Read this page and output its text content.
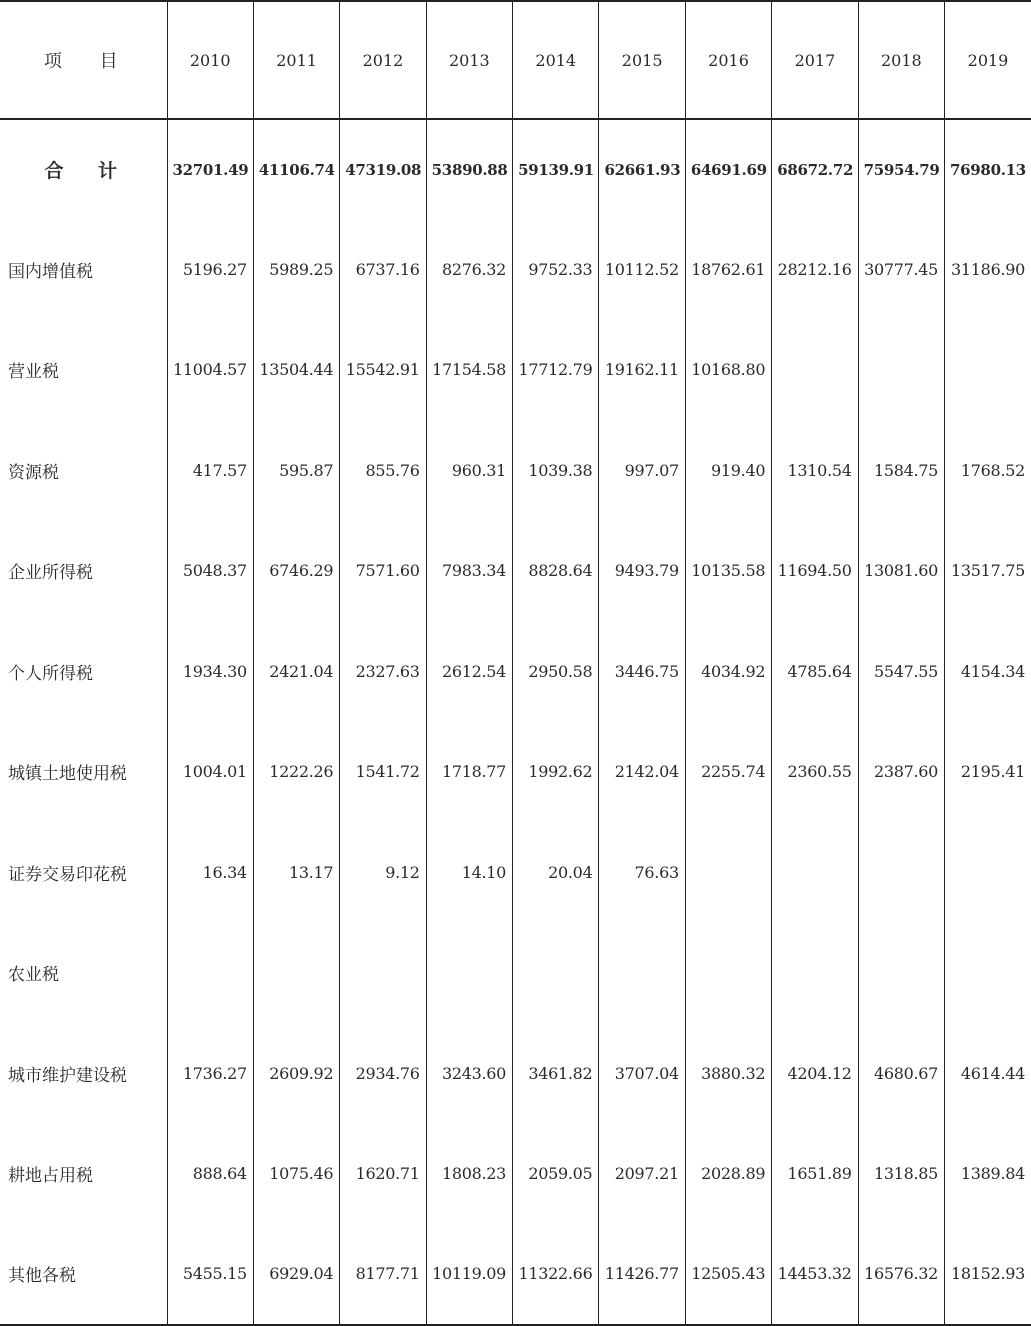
项 目	2010	2011	2012	2013	2014	2015	2016	2017	2018	2019
合 计	32701.49	41106.74	47319.08	53890.88	59139.91	62661.93	64691.69	68672.72	75954.79	76980.13
国内增值税	5196.27	5989.25	6737.16	8276.32	9752.33	10112.52	18762.61	28212.16	30777.45	31186.90
营业税	11004.57	13504.44	15542.91	17154.58	17712.79	19162.11	10168.80			
资源税	417.57	595.87	855.76	960.31	1039.38	997.07	919.40	1310.54	1584.75	1768.52
企业所得税	5048.37	6746.29	7571.60	7983.34	8828.64	9493.79	10135.58	11694.50	13081.60	13517.75
个人所得税	1934.30	2421.04	2327.63	2612.54	2950.58	3446.75	4034.92	4785.64	5547.55	4154.34
城镇土地使用税	1004.01	1222.26	1541.72	1718.77	1992.62	2142.04	2255.74	2360.55	2387.60	2195.41
证券交易印花税	16.34	13.17	9.12	14.10	20.04	76.63				
农业税										
城市维护建设税	1736.27	2609.92	2934.76	3243.60	3461.82	3707.04	3880.32	4204.12	4680.67	4614.44
耕地占用税	888.64	1075.46	1620.71	1808.23	2059.05	2097.21	2028.89	1651.89	1318.85	1389.84
其他各税	5455.15	6929.04	8177.71	10119.09	11322.66	11426.77	12505.43	14453.32	16576.32	18152.93
